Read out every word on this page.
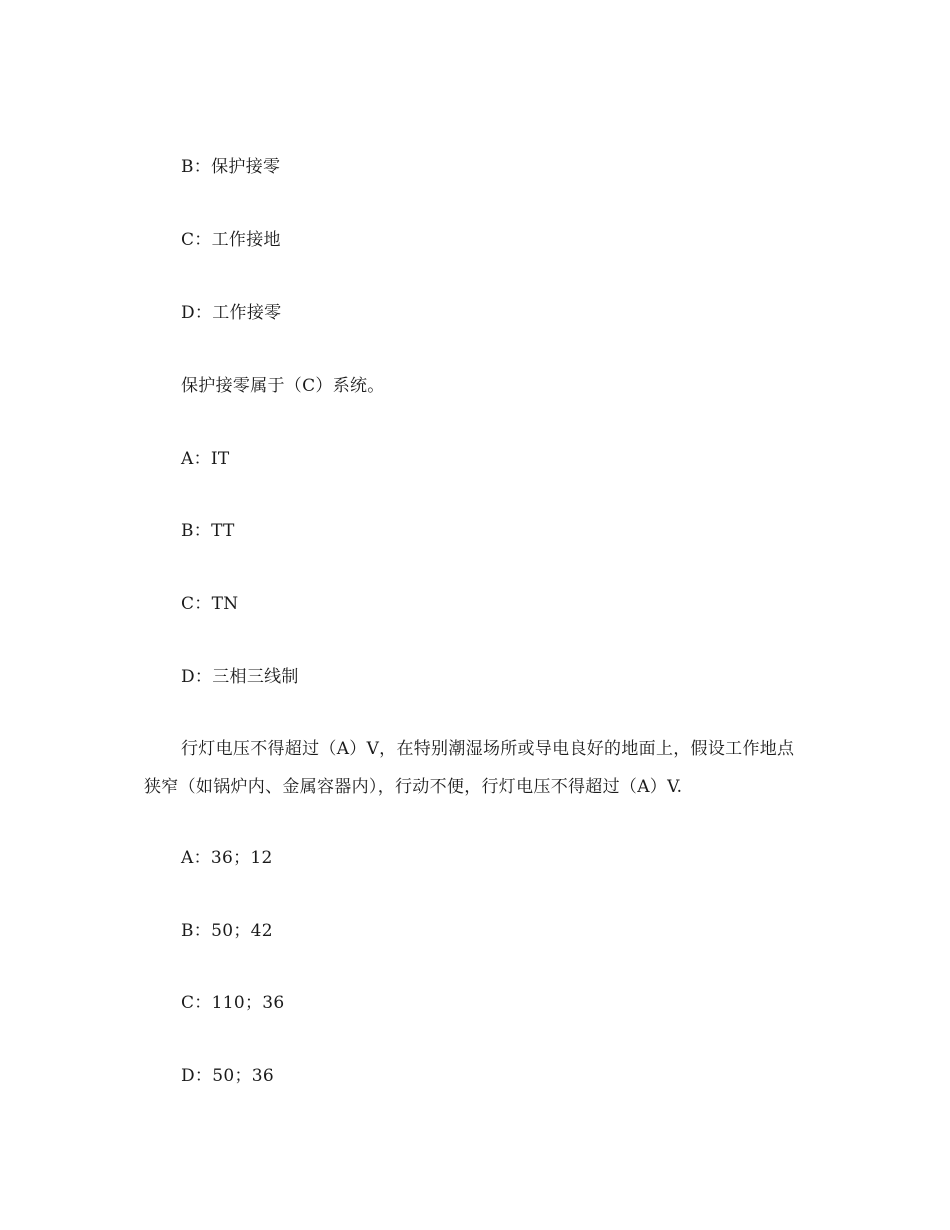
B：保护接零
C：工作接地
D：工作接零
保护接零属于（C）系统。
A：IT
B：TT
C：TN
D：三相三线制
行灯电压不得超过（A）V，在特别潮湿场所或导电良好的地面上，假设工作地点狭窄（如锅炉内、金属容器内），行动不便，行灯电压不得超过（A）V.
A：36；12
B：50；42
C：110；36
D：50；36
